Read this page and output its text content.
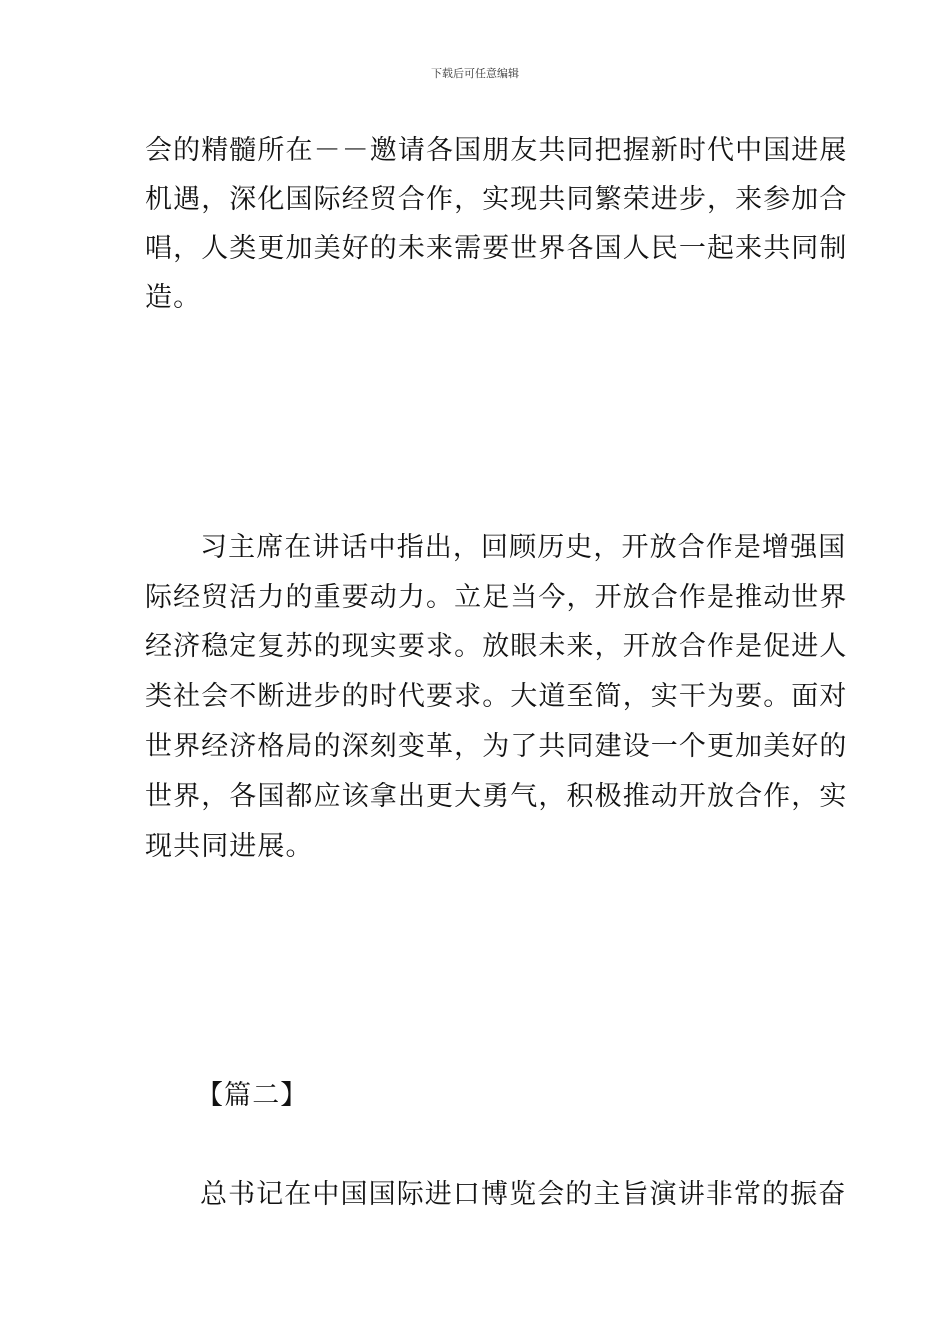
下载后可任意编辑
会的精髓所在－－邀请各国朋友共同把握新时代中国进展
机遇，深化国际经贸合作，实现共同繁荣进步，来参加合
唱，人类更加美好的未来需要世界各国人民一起来共同制
造。
习主席在讲话中指出，回顾历史，开放合作是增强国
际经贸活力的重要动力。立足当今，开放合作是推动世界
经济稳定复苏的现实要求。放眼未来，开放合作是促进人
类社会不断进步的时代要求。大道至简，实干为要。面对
世界经济格局的深刻变革，为了共同建设一个更加美好的
世界，各国都应该拿出更大勇气，积极推动开放合作，实
现共同进展。
【篇二】
总书记在中国国际进口博览会的主旨演讲非常的振奋
